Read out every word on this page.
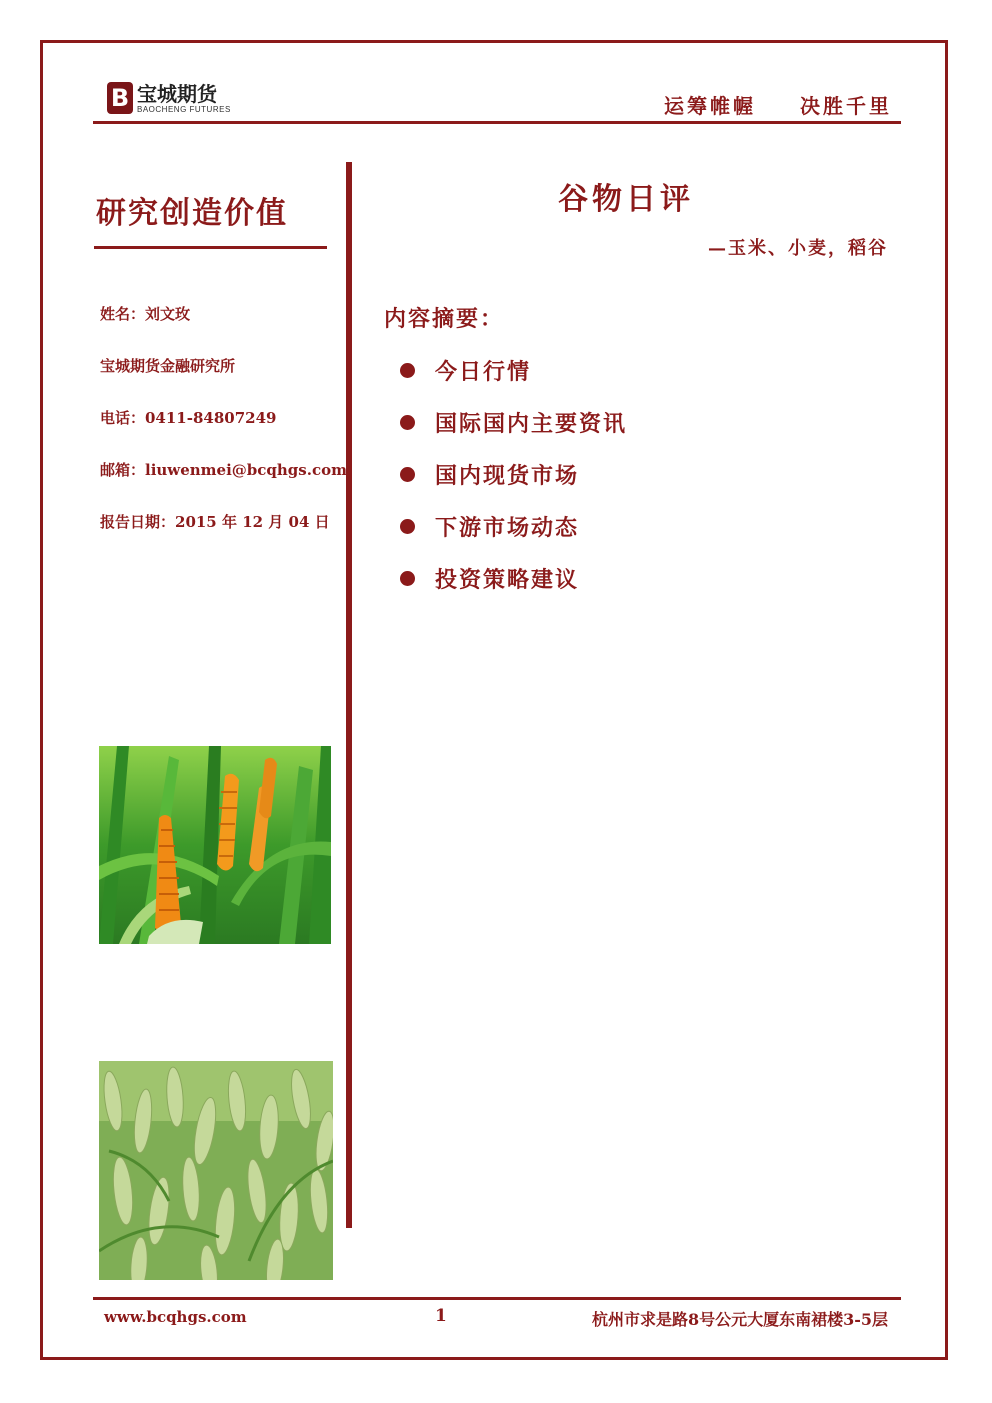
B 宝城期货
BAOCHENG FUTURES	运筹帷幄 决胜千里
研究创造价值
姓名：刘文玫
宝城期货金融研究所
电话：0411-84807249
邮箱：liuwenmei@bcqhgs.com
报告日期：2015 年 12 月 04 日
谷物日评
—玉米、小麦，稻谷
内容摘要：
今日行情
国际国内主要资讯
国内现货市场
下游市场动态
投资策略建议
www.bcqhgs.com	1	杭州市求是路8号公元大厦东南裙楼3-5层
